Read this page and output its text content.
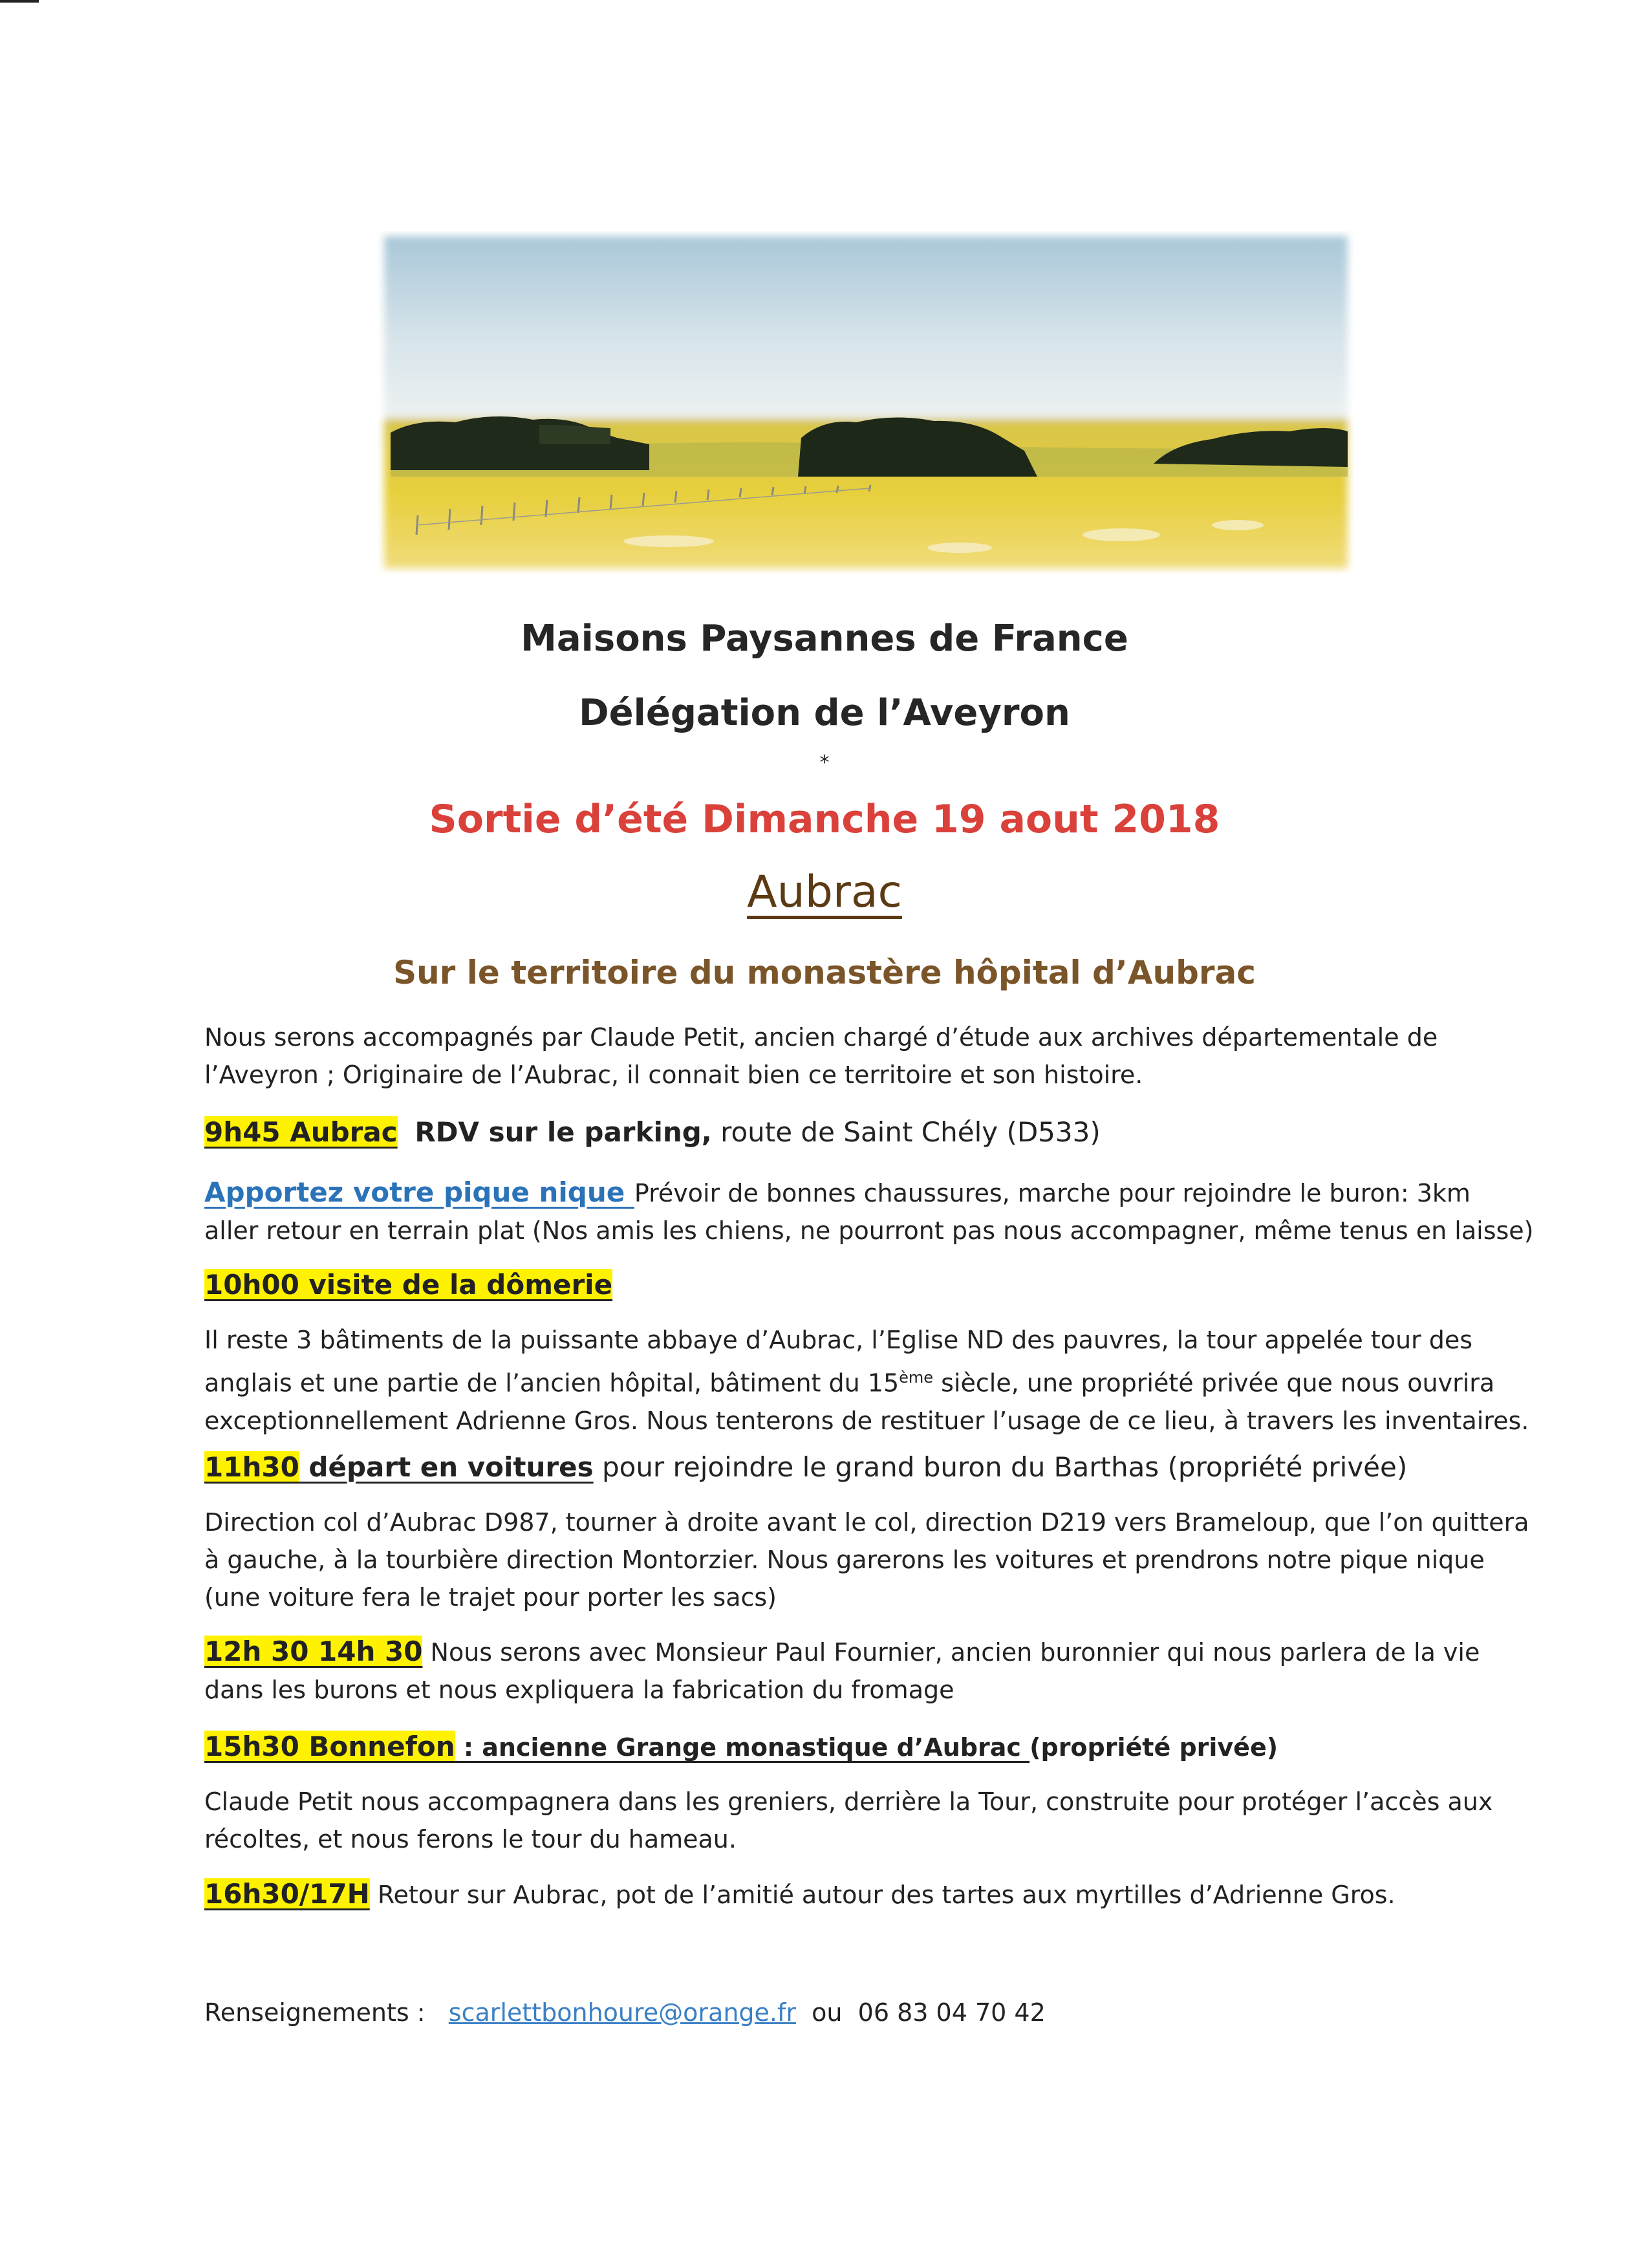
Maisons Paysannes de France
Délégation de l’Aveyron
*
Sortie d’été Dimanche 19 aout 2018
Aubrac
Sur le territoire du monastère hôpital d’Aubrac

Nous serons accompagnés par Claude Petit, ancien chargé d’étude aux archives départementale de

l’Aveyron ; Originaire de l’Aubrac, il connait bien ce territoire et son histoire.

9h45 Aubrac RDV sur le parking, route de Saint Chély (D533)

Apportez votre pique nique Prévoir de bonnes chaussures, marche pour rejoindre le buron: 3km

aller retour en terrain plat (Nos amis les chiens, ne pourront pas nous accompagner, même tenus en laisse)

10h00 visite de la dômerie

Il reste 3 bâtiments de la puissante abbaye d’Aubrac, l’Eglise ND des pauvres, la tour appelée tour des

anglais et une partie de l’ancien hôpital, bâtiment du 15ème siècle, une propriété privée que nous ouvrira

exceptionnellement Adrienne Gros. Nous tenterons de restituer l’usage de ce lieu, à travers les inventaires.

11h30 départ en voitures pour rejoindre le grand buron du Barthas (propriété privée)

Direction col d’Aubrac D987, tourner à droite avant le col, direction D219 vers Brameloup, que l’on quittera

à gauche, à la tourbière direction Montorzier. Nous garerons les voitures et prendrons notre pique nique

(une voiture fera le trajet pour porter les sacs)

12h 30 14h 30 Nous serons avec Monsieur Paul Fournier, ancien buronnier qui nous parlera de la vie

dans les burons et nous expliquera la fabrication du fromage

15h30 Bonnefon : ancienne Grange monastique d’Aubrac (propriété privée)

Claude Petit nous accompagnera dans les greniers, derrière la Tour, construite pour protéger l’accès aux

récoltes, et nous ferons le tour du hameau.

16h30/17H Retour sur Aubrac, pot de l’amitié autour des tartes aux myrtilles d’Adrienne Gros.

Renseignements :   scarlettbonhoure@orange.fr  ou  06 83 04 70 42
